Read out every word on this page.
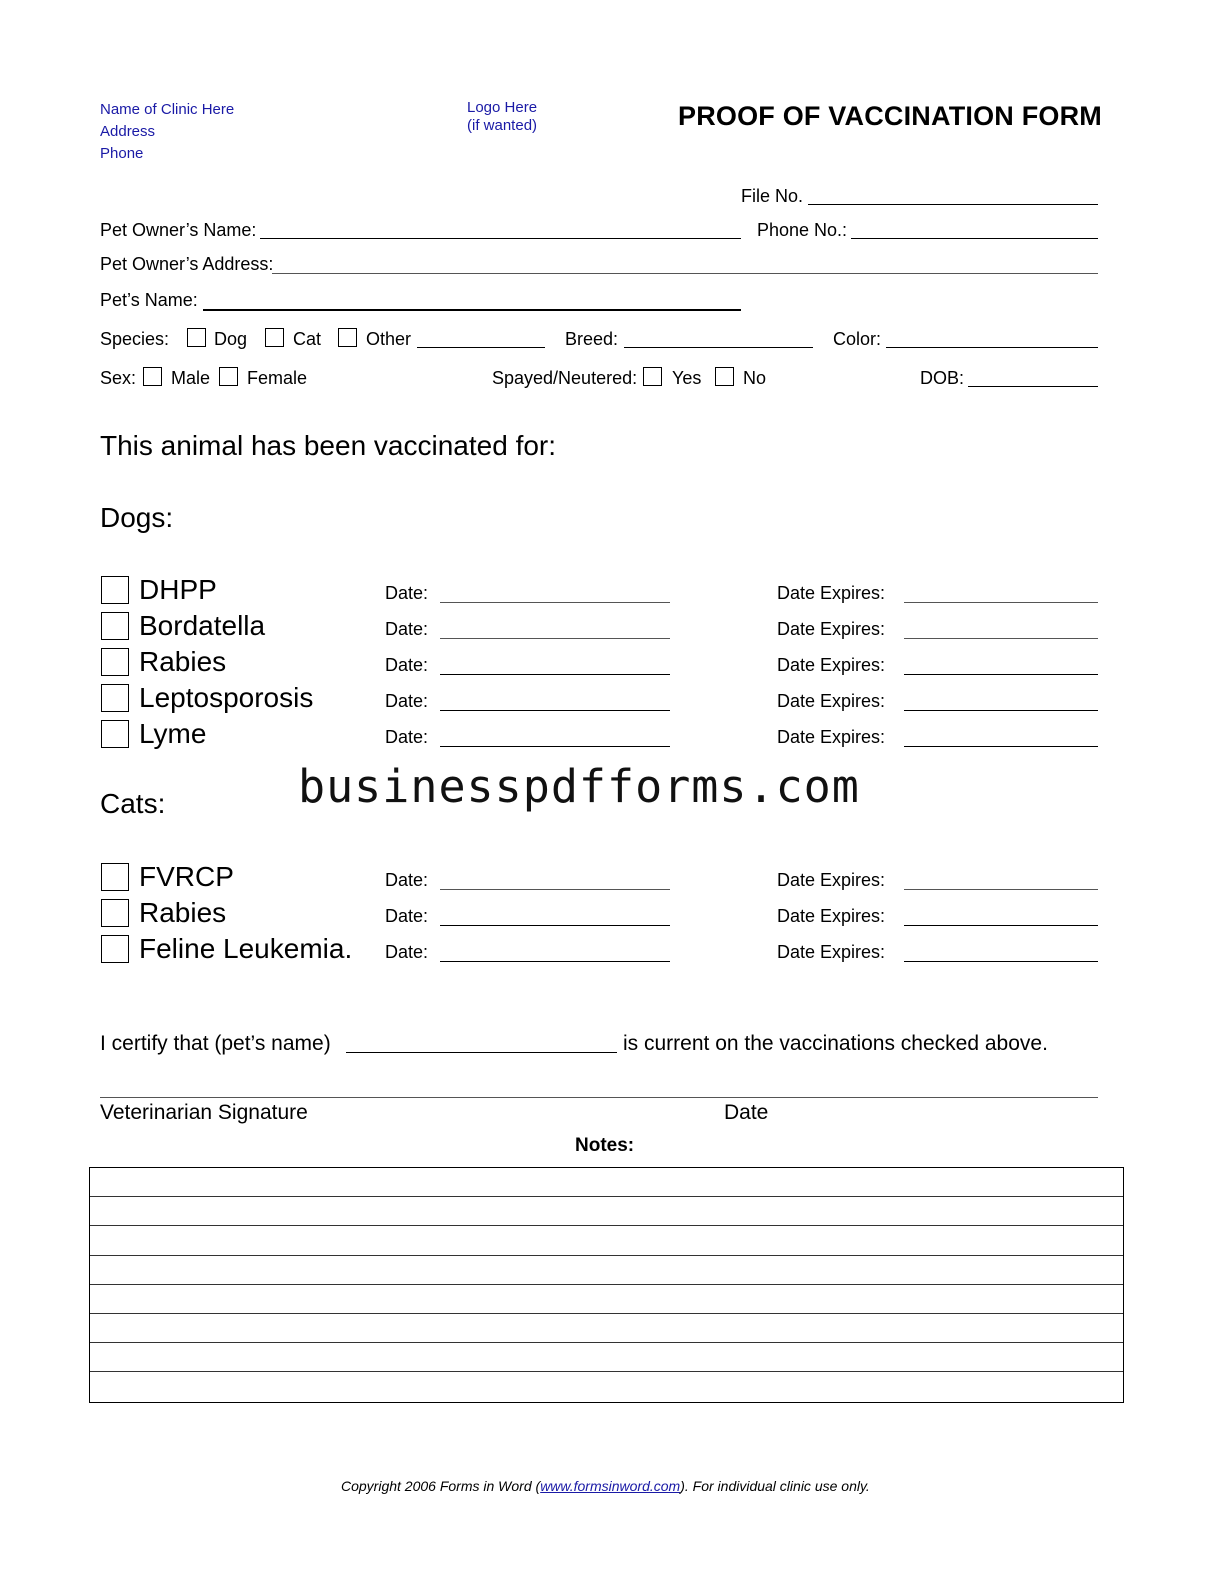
Name of Clinic Here
Address
Phone
Logo Here
(if wanted)	PROOF OF VACCINATION FORM
File No.
Pet Owner’s Name:	Phone No.:
Pet Owner’s Address:
Pet’s Name:
Species: Dog	Cat Other	Breed:	Color:
Sex: Male Female	Spayed/Neutered: Yes No	DOB:
This animal has been vaccinated for:
Dogs:
DHPP	Date:	Date Expires:
Bordatella	Date:	Date Expires:
Rabies	Date:	Date Expires:
Leptosporosis	Date:	Date Expires:
Lyme	Date:	Date Expires:
businesspdfforms.com
Cats:
FVRCP	Date:	Date Expires:
Rabies	Date:	Date Expires:
Feline Leukemia. Date:	Date Expires:
I certify that (pet’s name)	is current on the vaccinations checked above.
Veterinarian Signature	Date
Notes:
Copyright 2006 Forms in Word (www.formsinword.com). For individual clinic use only.
